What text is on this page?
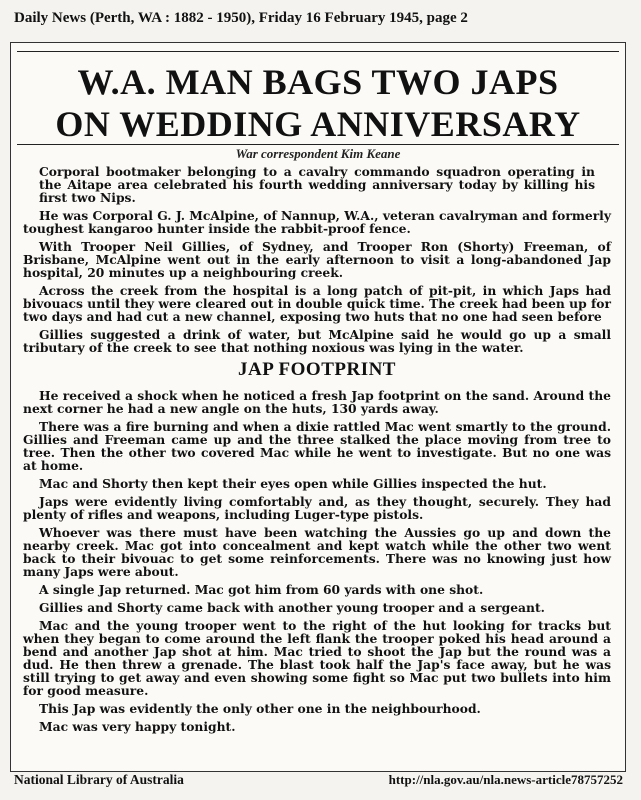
Daily News (Perth, WA : 1882 - 1950), Friday 16 February 1945, page 2
W.A. MAN BAGS TWO JAPS
ON WEDDING ANNIVERSARY
War correspondent Kim Keane

Corporal bootmaker belonging to a cavalry commando squadron operating in the Aitape area celebrated his fourth wedding anniversary today by killing his first two Nips.

He was Corporal G. J. McAlpine, of Nannup, W.A., veteran cavalryman and formerly toughest kangaroo hunter inside the rabbit-proof fence.

With Trooper Neil Gillies, of Sydney, and Trooper Ron (Shorty) Freeman, of Brisbane, McAlpine went out in the early afternoon to visit a long-abandoned Jap hospital, 20 minutes up a neighbouring creek.

Across the creek from the hospital is a long patch of pit-pit, in which Japs had bivouacs until they were cleared out in double quick time. The creek had been up for two days and had cut a new channel, exposing two huts that no one had seen before

Gillies suggested a drink of water, but McAlpine said he would go up a small tributary of the creek to see that nothing noxious was lying in the water.

JAP FOOTPRINT

He received a shock when he noticed a fresh Jap footprint on the sand. Around the next corner he had a new angle on the huts, 130 yards away.

There was a fire burning and when a dixie rattled Mac went smartly to the ground. Gillies and Freeman came up and the three stalked the place moving from tree to tree. Then the other two covered Mac while he went to investigate. But no one was at home.

Mac and Shorty then kept their eyes open while Gillies inspected the hut.

Japs were evidently living comfortably and, as they thought, securely. They had plenty of rifles and weapons, including Luger-type pistols.

Whoever was there must have been watching the Aussies go up and down the nearby creek. Mac got into concealment and kept watch while the other two went back to their bivouac to get some reinforcements. There was no knowing just how many Japs were about.

A single Jap returned. Mac got him from 60 yards with one shot.

Gillies and Shorty came back with another young trooper and a sergeant.

Mac and the young trooper went to the right of the hut looking for tracks but when they began to come around the left flank the trooper poked his head around a bend and another Jap shot at him. Mac tried to shoot the Jap but the round was a dud. He then threw a grenade. The blast took half the Jap's face away, but he was still trying to get away and even showing some fight so Mac put two bullets into him for good measure.

This Jap was evidently the only other one in the neighbourhood.

Mac was very happy tonight.

National Library of Australia	http://nla.gov.au/nla.news-article78757252
